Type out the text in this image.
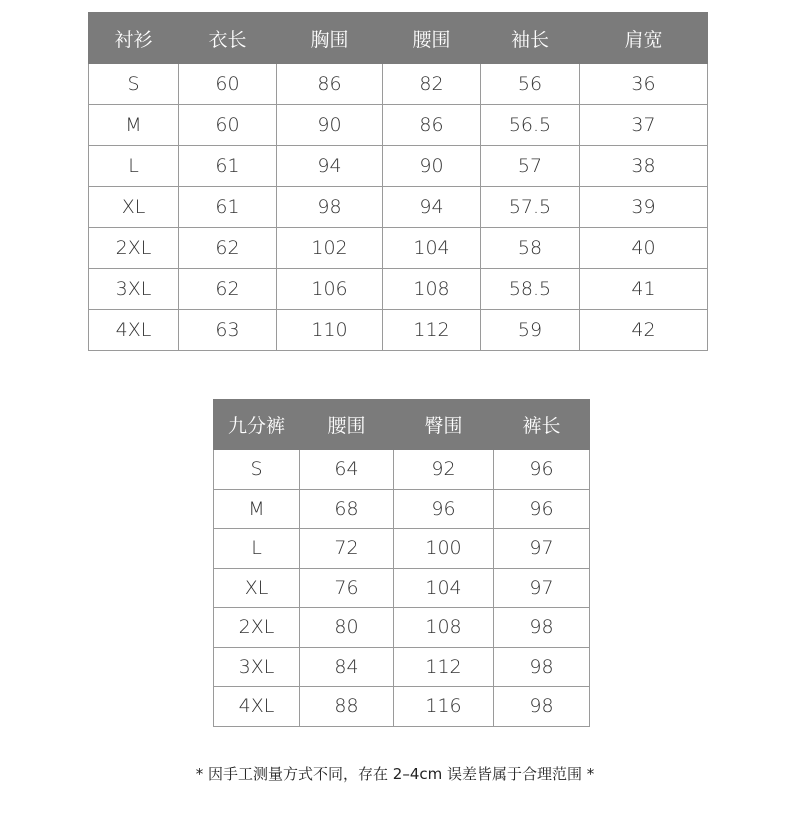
衬衫	衣长	胸围	腰围	袖长	肩宽
S	60	86	82	56	36
M	60	90	86	56.5	37
L	61	94	90	57	38
XL	61	98	94	57.5	39
2XL	62	102	104	58	40
3XL	62	106	108	58.5	41
4XL	63	110	112	59	42
九分裤	腰围	臀围	裤长
S	64	92	96
M	68	96	96
L	72	100	97
XL	76	104	97
2XL	80	108	98
3XL	84	112	98
4XL	88	116	98
* 因手工测量方式不同，存在 2–4cm 误差皆属于合理范围 *
